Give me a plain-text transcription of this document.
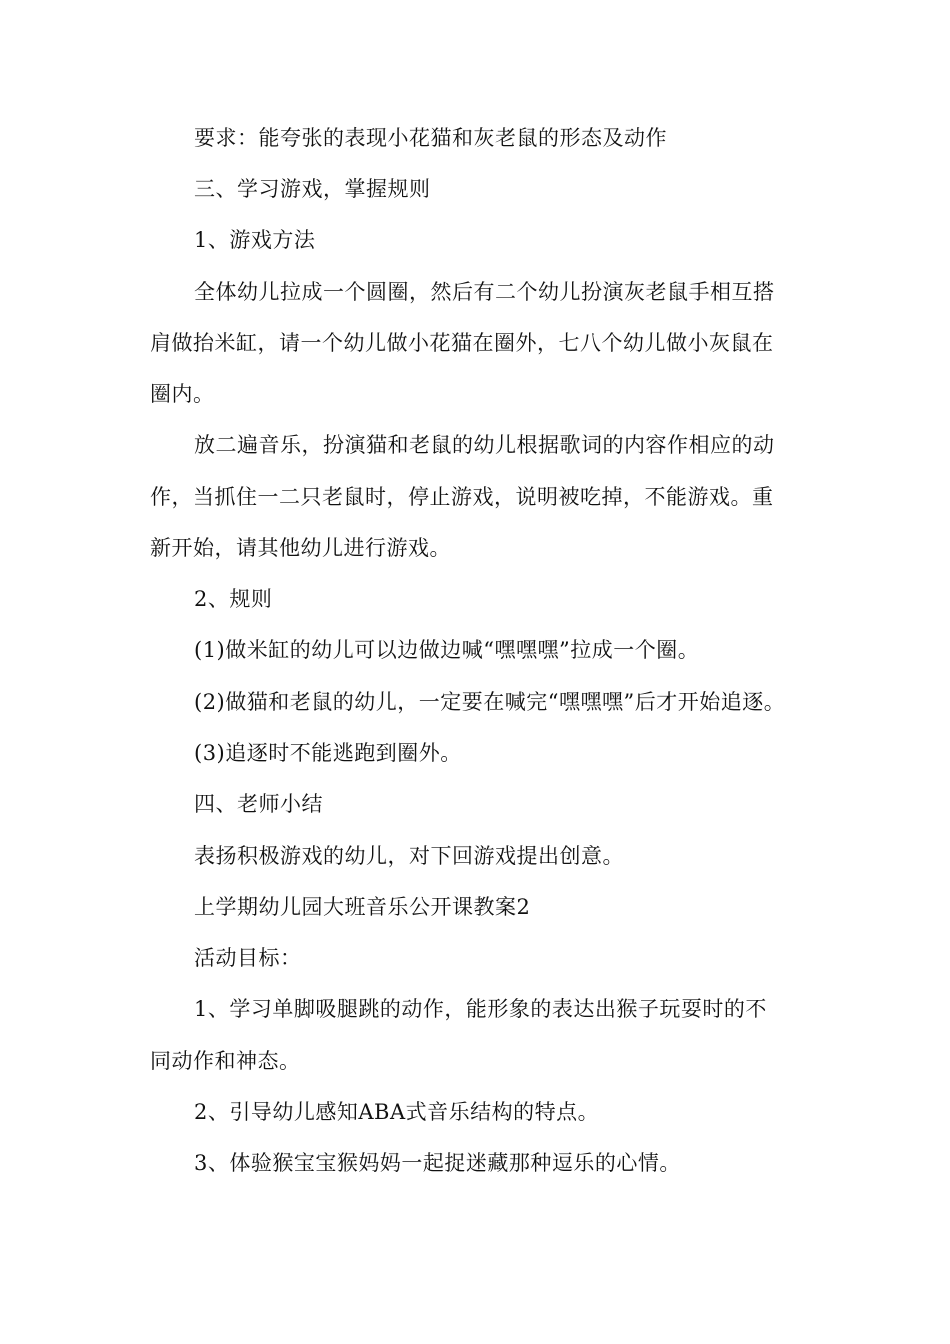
要求：能夸张的表现小花猫和灰老鼠的形态及动作
三、学习游戏，掌握规则
1、游戏方法
全体幼儿拉成一个圆圈，然后有二个幼儿扮演灰老鼠手相互搭
肩做抬米缸，请一个幼儿做小花猫在圈外，七八个幼儿做小灰鼠在
圈内。
放二遍音乐，扮演猫和老鼠的幼儿根据歌词的内容作相应的动
作，当抓住一二只老鼠时，停止游戏，说明被吃掉，不能游戏。重
新开始，请其他幼儿进行游戏。
2、规则
(1)做米缸的幼儿可以边做边喊“嘿嘿嘿”拉成一个圈。
(2)做猫和老鼠的幼儿，一定要在喊完“嘿嘿嘿”后才开始追逐。
(3)追逐时不能逃跑到圈外。
四、老师小结
表扬积极游戏的幼儿，对下回游戏提出创意。
上学期幼儿园大班音乐公开课教案2
活动目标：
1、学习单脚吸腿跳的动作，能形象的表达出猴子玩耍时的不
同动作和神态。
2、引导幼儿感知ABA式音乐结构的特点。
3、体验猴宝宝猴妈妈一起捉迷藏那种逗乐的心情。
